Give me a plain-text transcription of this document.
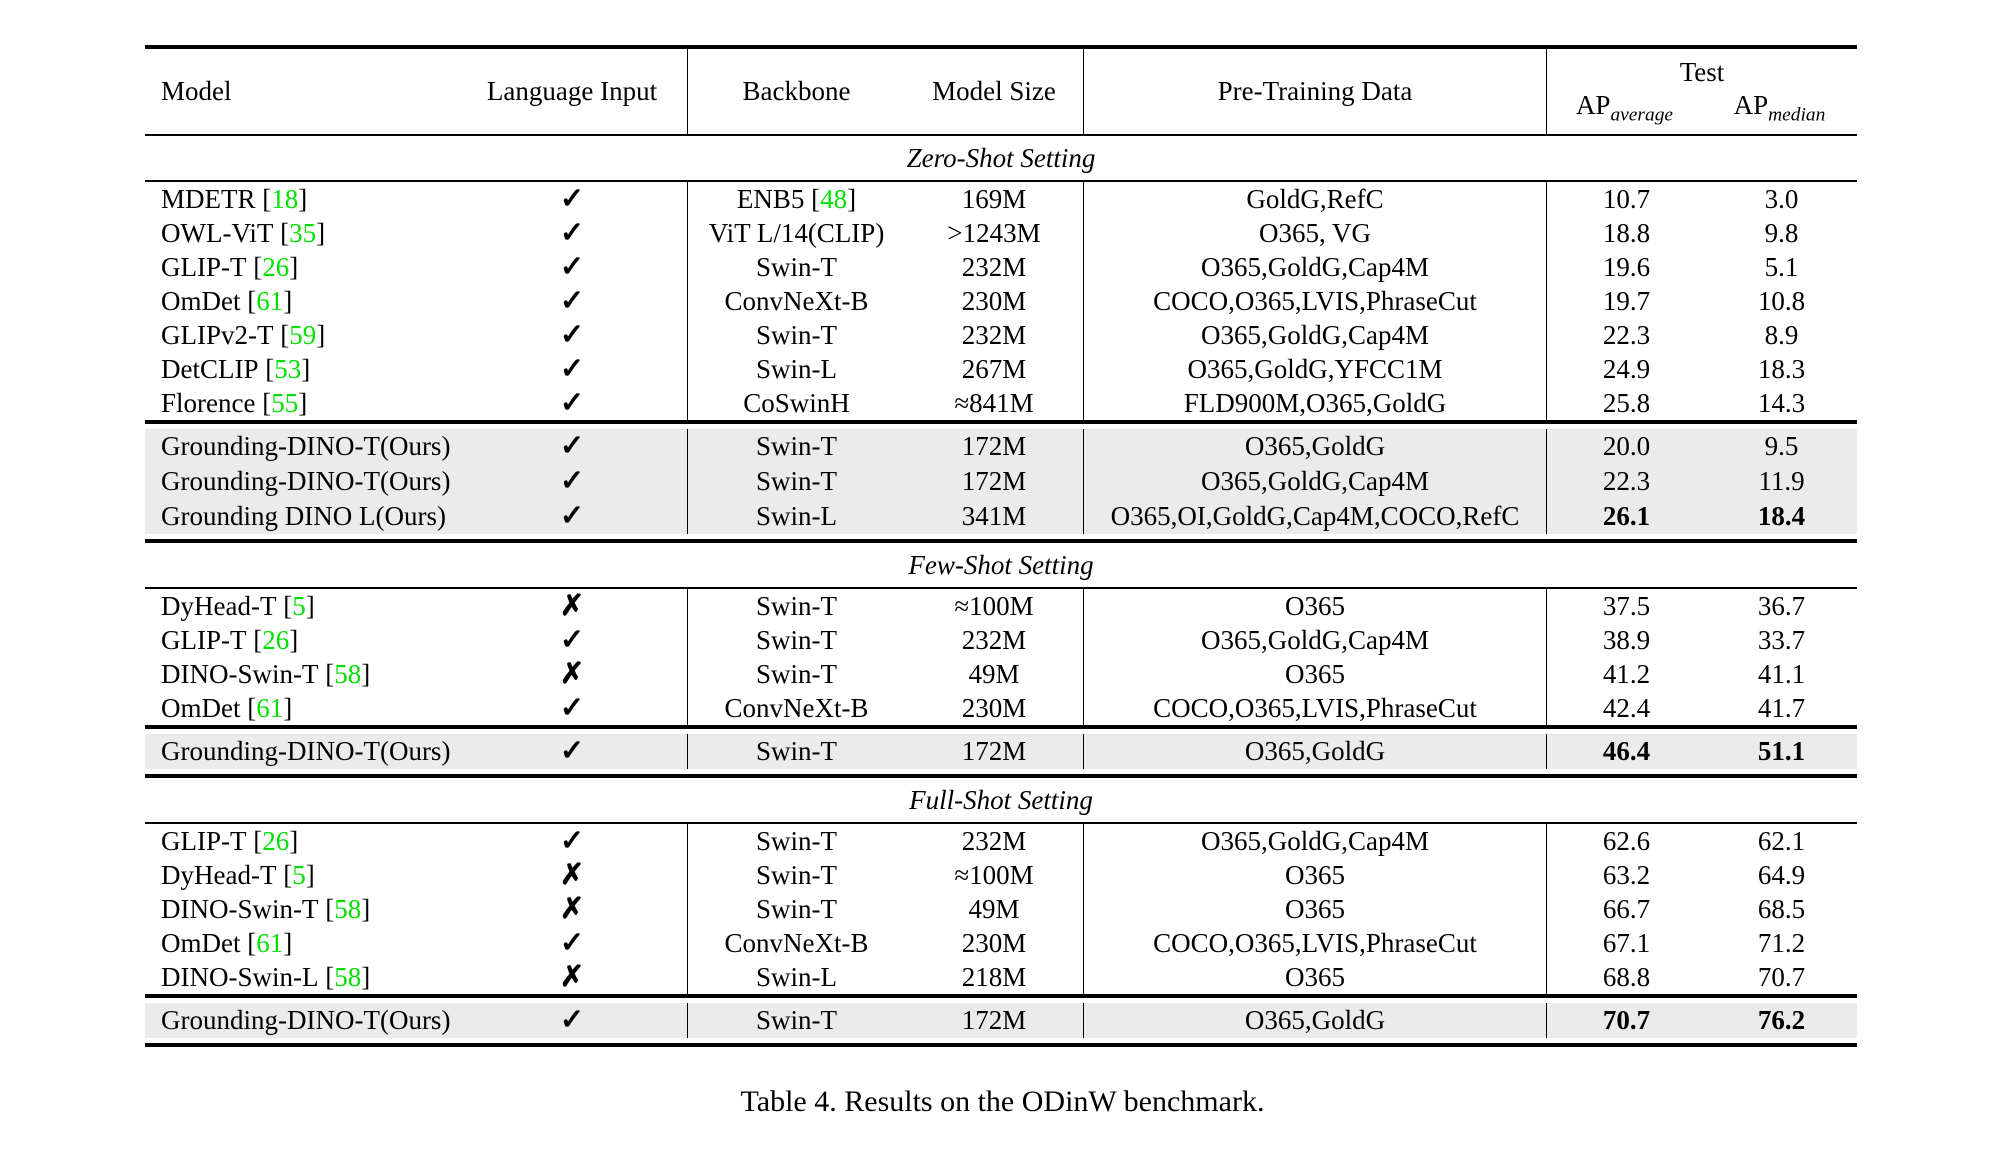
Model	Language Input	Backbone	Model Size	Pre-Training Data
Test
$AP_{average}$	$AP_{median}$
Zero-Shot Setting
MDETR [ 18 ]	✓	ENB5 [ 48 ]	169M	GoldG,RefC	10.7	3.0
OWL-ViT [ 35 ]	✓	ViT L/14(CLIP)	>1243M	O365, VG	18.8	9.8
GLIP-T [ 26 ]	✓	Swin-T	232M	O365,GoldG,Cap4M	19.6	5.1
OmDet [ 61 ]	✓	ConvNeXt-B	230M	COCO,O365,LVIS,PhraseCut	19.7	10.8
GLIPv2-T [ 59 ]	✓	Swin-T	232M	O365,GoldG,Cap4M	22.3	8.9
DetCLIP [ 53 ]	✓	Swin-L	267M	O365,GoldG,YFCC1M	24.9	18.3
Florence [ 55 ]	✓	CoSwinH	≈841M	FLD900M,O365,GoldG	25.8	14.3
Grounding-DINO-T(Ours)	✓	Swin-T	172M	O365,GoldG	20.0	9.5
Grounding-DINO-T(Ours)	✓	Swin-T	172M	O365,GoldG,Cap4M	22.3	11.9
Grounding DINO L(Ours)	✓	Swin-L	341M	O365,OI,GoldG,Cap4M,COCO,RefC	26.1	18.4
Few-Shot Setting
DyHead-T [ 5 ]	✗	Swin-T	≈100M	O365	37.5	36.7
GLIP-T [ 26 ]	✓	Swin-T	232M	O365,GoldG,Cap4M	38.9	33.7
DINO-Swin-T [ 58 ]	✗	Swin-T	49M	O365	41.2	41.1
OmDet [ 61 ]	✓	ConvNeXt-B	230M	COCO,O365,LVIS,PhraseCut	42.4	41.7
Grounding-DINO-T(Ours)	✓	Swin-T	172M	O365,GoldG	46.4	51.1
Full-Shot Setting
GLIP-T [ 26 ]	✓	Swin-T	232M	O365,GoldG,Cap4M	62.6	62.1
DyHead-T [ 5 ]	✗	Swin-T	≈100M	O365	63.2	64.9
DINO-Swin-T [ 58 ]	✗	Swin-T	49M	O365	66.7	68.5
OmDet [ 61 ]	✓	ConvNeXt-B	230M	COCO,O365,LVIS,PhraseCut	67.1	71.2
DINO-Swin-L [ 58 ]	✗	Swin-L	218M	O365	68.8	70.7
Grounding-DINO-T(Ours)	✓	Swin-T	172M	O365,GoldG	70.7	76.2
Table 4. Results on the ODinW benchmark.
